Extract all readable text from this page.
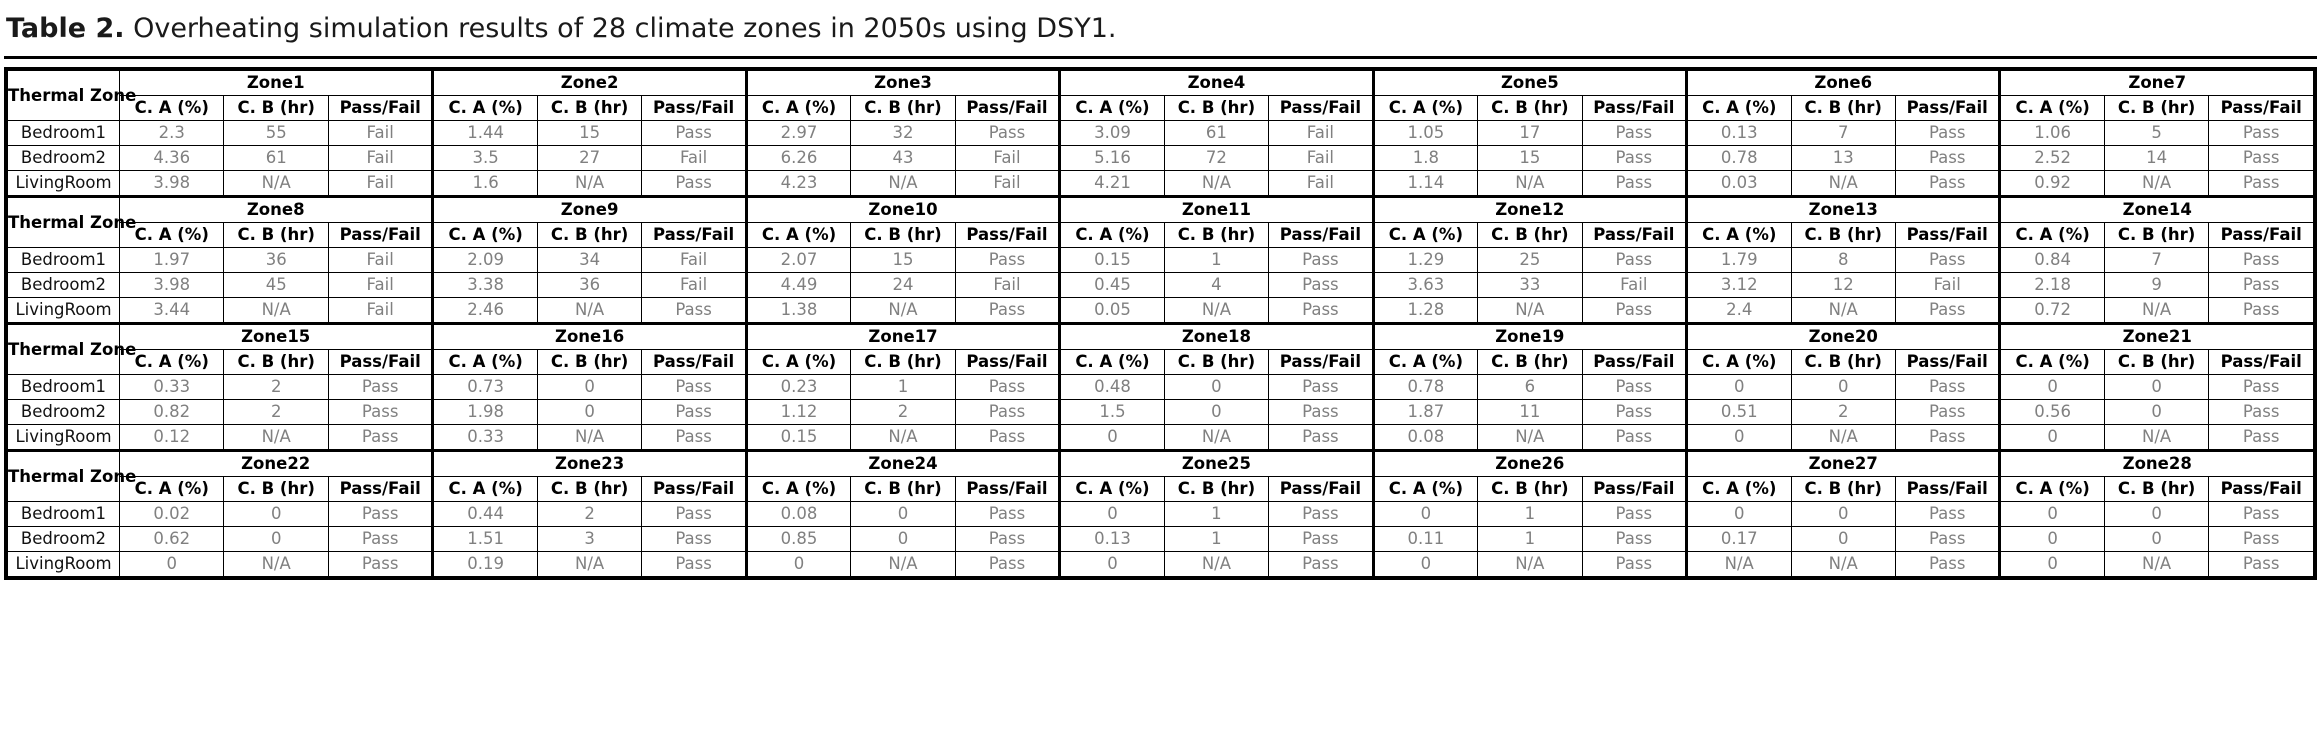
Table 2. Overheating simulation results of 28 climate zones in 2050s using DSY1.
Thermal Zone	Zone1			Zone2			Zone3			Zone4			Zone5			Zone6			Zone7		
	C. A (%)	C. B (hr)	Pass/Fail	C. A (%)	C. B (hr)	Pass/Fail	C. A (%)	C. B (hr)	Pass/Fail	C. A (%)	C. B (hr)	Pass/Fail	C. A (%)	C. B (hr)	Pass/Fail	C. A (%)	C. B (hr)	Pass/Fail	C. A (%)	C. B (hr)	Pass/Fail
Bedroom1	2.3	55	Fail	1.44	15	Pass	2.97	32	Pass	3.09	61	Fail	1.05	17	Pass	0.13	7	Pass	1.06	5	Pass
Bedroom2	4.36	61	Fail	3.5	27	Fail	6.26	43	Fail	5.16	72	Fail	1.8	15	Pass	0.78	13	Pass	2.52	14	Pass
LivingRoom	3.98	N/A	Fail	1.6	N/A	Pass	4.23	N/A	Fail	4.21	N/A	Fail	1.14	N/A	Pass	0.03	N/A	Pass	0.92	N/A	Pass
Thermal Zone	Zone8			Zone9			Zone10			Zone11			Zone12			Zone13			Zone14		
	C. A (%)	C. B (hr)	Pass/Fail	C. A (%)	C. B (hr)	Pass/Fail	C. A (%)	C. B (hr)	Pass/Fail	C. A (%)	C. B (hr)	Pass/Fail	C. A (%)	C. B (hr)	Pass/Fail	C. A (%)	C. B (hr)	Pass/Fail	C. A (%)	C. B (hr)	Pass/Fail
Bedroom1	1.97	36	Fail	2.09	34	Fail	2.07	15	Pass	0.15	1	Pass	1.29	25	Pass	1.79	8	Pass	0.84	7	Pass
Bedroom2	3.98	45	Fail	3.38	36	Fail	4.49	24	Fail	0.45	4	Pass	3.63	33	Fail	3.12	12	Fail	2.18	9	Pass
LivingRoom	3.44	N/A	Fail	2.46	N/A	Pass	1.38	N/A	Pass	0.05	N/A	Pass	1.28	N/A	Pass	2.4	N/A	Pass	0.72	N/A	Pass
Thermal Zone	Zone15			Zone16			Zone17			Zone18			Zone19			Zone20			Zone21		
	C. A (%)	C. B (hr)	Pass/Fail	C. A (%)	C. B (hr)	Pass/Fail	C. A (%)	C. B (hr)	Pass/Fail	C. A (%)	C. B (hr)	Pass/Fail	C. A (%)	C. B (hr)	Pass/Fail	C. A (%)	C. B (hr)	Pass/Fail	C. A (%)	C. B (hr)	Pass/Fail
Bedroom1	0.33	2	Pass	0.73	0	Pass	0.23	1	Pass	0.48	0	Pass	0.78	6	Pass	0	0	Pass	0	0	Pass
Bedroom2	0.82	2	Pass	1.98	0	Pass	1.12	2	Pass	1.5	0	Pass	1.87	11	Pass	0.51	2	Pass	0.56	0	Pass
LivingRoom	0.12	N/A	Pass	0.33	N/A	Pass	0.15	N/A	Pass	0	N/A	Pass	0.08	N/A	Pass	0	N/A	Pass	0	N/A	Pass
Thermal Zone	Zone22			Zone23			Zone24			Zone25			Zone26			Zone27			Zone28		
	C. A (%)	C. B (hr)	Pass/Fail	C. A (%)	C. B (hr)	Pass/Fail	C. A (%)	C. B (hr)	Pass/Fail	C. A (%)	C. B (hr)	Pass/Fail	C. A (%)	C. B (hr)	Pass/Fail	C. A (%)	C. B (hr)	Pass/Fail	C. A (%)	C. B (hr)	Pass/Fail
Bedroom1	0.02	0	Pass	0.44	2	Pass	0.08	0	Pass	0	1	Pass	0	1	Pass	0	0	Pass	0	0	Pass
Bedroom2	0.62	0	Pass	1.51	3	Pass	0.85	0	Pass	0.13	1	Pass	0.11	1	Pass	0.17	0	Pass	0	0	Pass
LivingRoom	0	N/A	Pass	0.19	N/A	Pass	0	N/A	Pass	0	N/A	Pass	0	N/A	Pass	N/A	N/A	Pass	0	N/A	Pass
